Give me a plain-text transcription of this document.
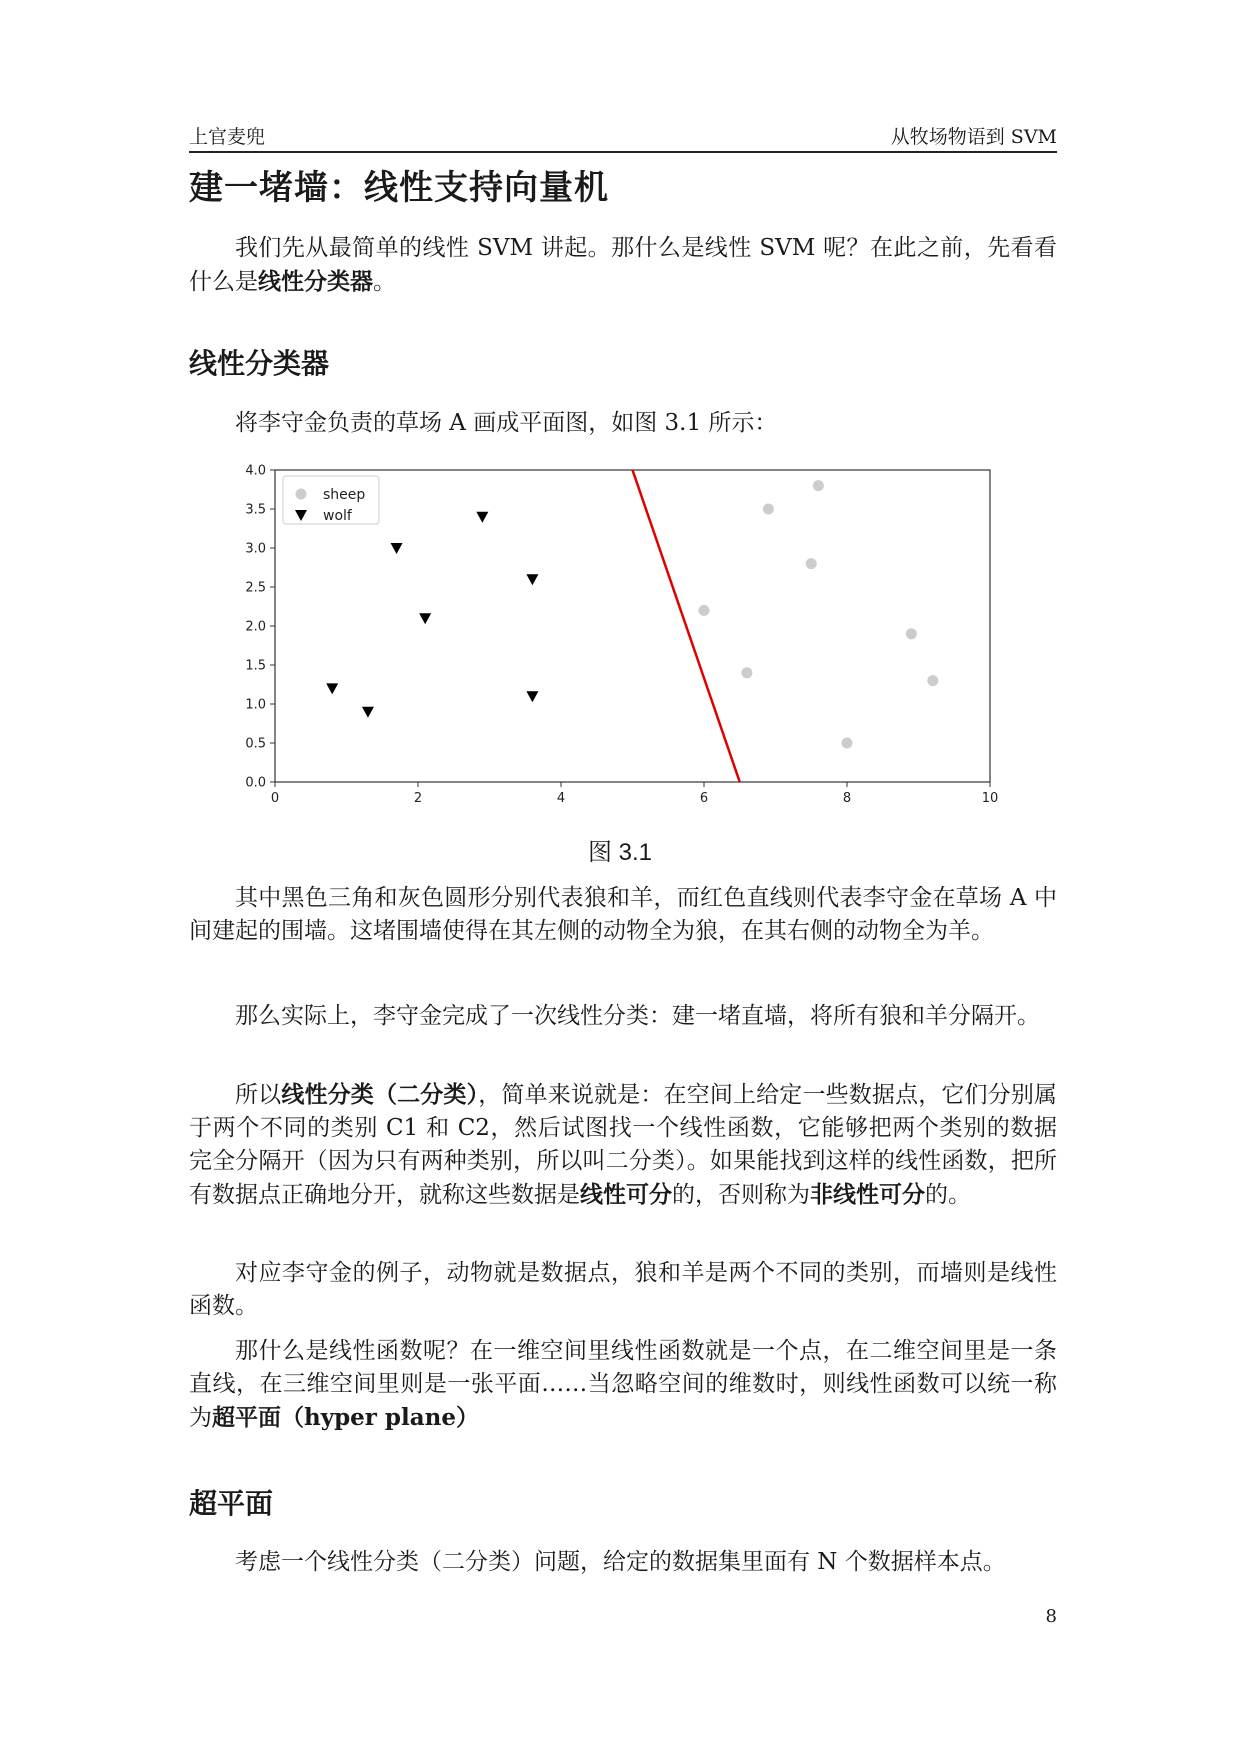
上官麦兜	从牧场物语到 SVM
建一堵墙：线性支持向量机

我们先从最简单的线性 SVM 讲起。那什么是线性 SVM 呢？在此之前，先看看什么是线性分类器。

线性分类器

将李守金负责的草场 A 画成平面图，如图 3.1 所示：

0	2	4	6	8	10
0.0
0.5
1.0
1.5
2.0
2.5
3.0
3.5
4.0
sheep
wolf
图 3.1

其中黑色三角和灰色圆形分别代表狼和羊，而红色直线则代表李守金在草场 A 中间建起的围墙。这堵围墙使得在其左侧的动物全为狼，在其右侧的动物全为羊。

那么实际上，李守金完成了一次线性分类：建一堵直墙，将所有狼和羊分隔开。

所以线性分类（二分类），简单来说就是：在空间上给定一些数据点，它们分别属于两个不同的类别 C1 和 C2，然后试图找一个线性函数，它能够把两个类别的数据完全分隔开（因为只有两种类别，所以叫二分类）。如果能找到这样的线性函数，把所有数据点正确地分开，就称这些数据是线性可分的，否则称为非线性可分的。

对应李守金的例子，动物就是数据点，狼和羊是两个不同的类别，而墙则是线性函数。

那什么是线性函数呢？在一维空间里线性函数就是一个点，在二维空间里是一条直线，在三维空间里则是一张平面……当忽略空间的维数时，则线性函数可以统一称为超平面（hyper plane）

超平面

考虑一个线性分类（二分类）问题，给定的数据集里面有 N 个数据样本点。

8
